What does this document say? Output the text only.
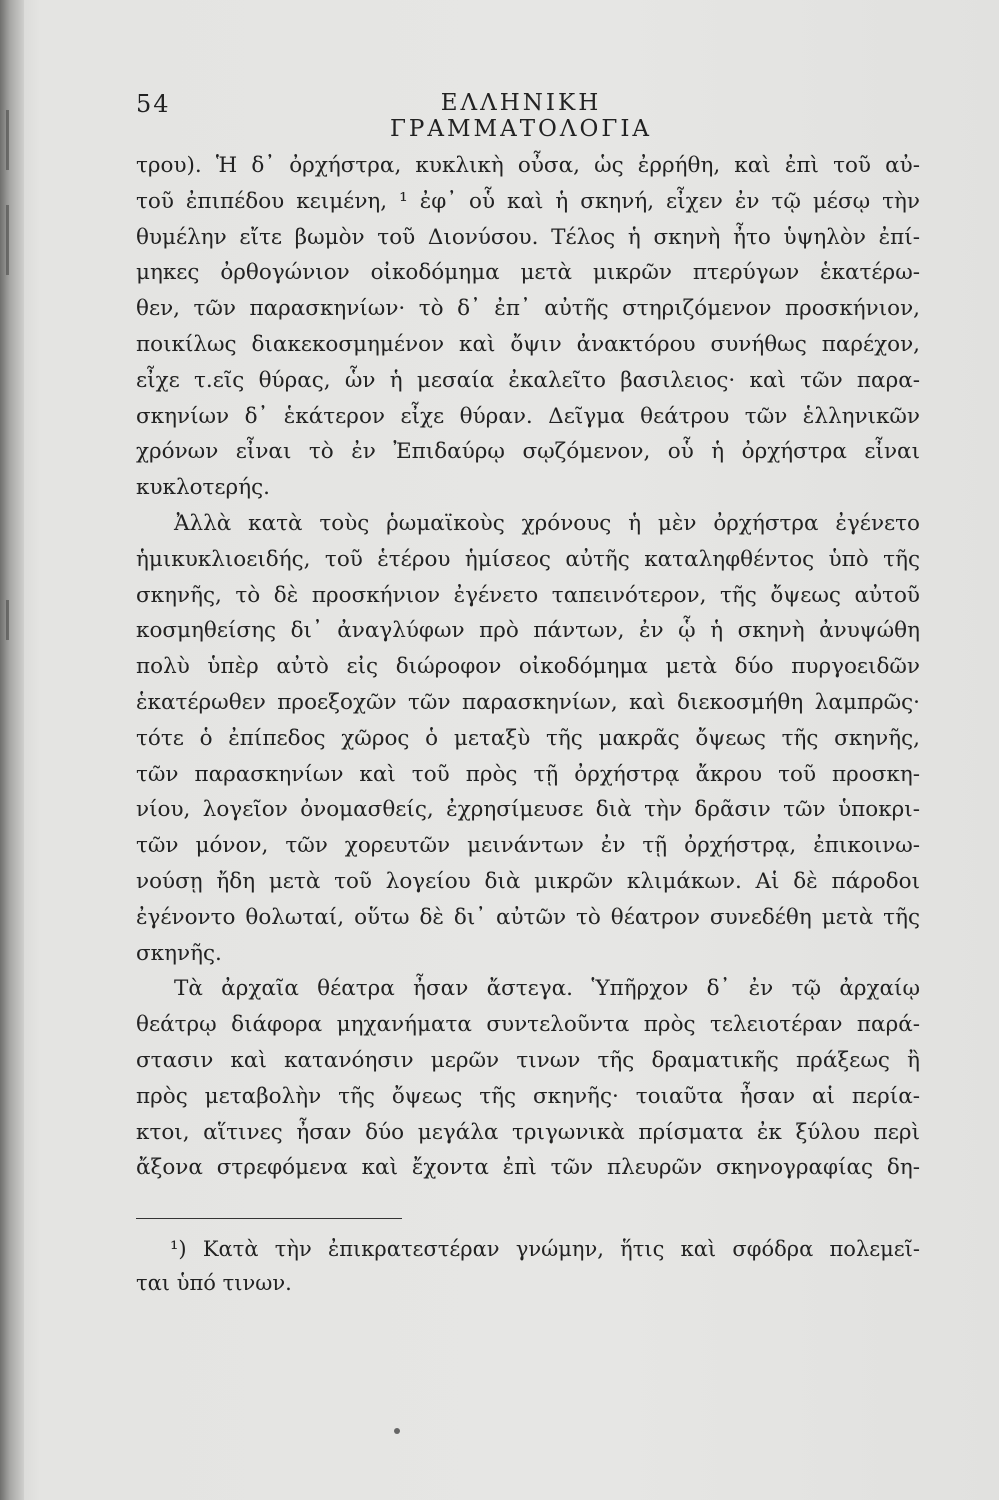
54	ΕΛΛΗΝΙΚΗ ΓΡΑΜΜΑΤΟΛΟΓΙΑ
τρου). Ἡ δ᾽ ὀρχήστρα, κυκλικὴ οὖσα, ὡς ἐρρήθη, καὶ ἐπὶ τοῦ αὐ-
τοῦ ἐπιπέδου κειμένη, ¹ ἐφ᾽ οὗ καὶ ἡ σκηνή, εἶχεν ἐν τῷ μέσῳ τὴν
θυμέλην εἴτε βωμὸν τοῦ Διονύσου. Τέλος ἡ σκηνὴ ἦτο ὑψηλὸν ἐπί-
μηκες ὀρθογώνιον οἰκοδόμημα μετὰ μικρῶν πτερύγων ἑκατέρω-
θεν, τῶν παρασκηνίων· τὸ δ᾽ ἐπ᾽ αὐτῆς στηριζόμενον προσκήνιον,
ποικίλως διακεκοσμημένον καὶ ὄψιν ἀνακτόρου συνήθως παρέχον,
εἶχε τ.εῖς θύρας, ὧν ἡ μεσαία ἐκαλεῖτο βασιλειος· καὶ τῶν παρα-
σκηνίων δ᾽ ἑκάτερον εἶχε θύραν. Δεῖγμα θεάτρου τῶν ἑλληνικῶν
χρόνων εἶναι τὸ ἐν Ἐπιδαύρῳ σῳζόμενον, οὗ ἡ ὀρχήστρα εἶναι
κυκλοτερής.
Ἀλλὰ κατὰ τοὺς ῥωμαϊκοὺς χρόνους ἡ μὲν ὀρχήστρα ἐγένετο
ἡμικυκλιοειδής, τοῦ ἑτέρου ἡμίσεος αὐτῆς καταληφθέντος ὑπὸ τῆς
σκηνῆς, τὸ δὲ προσκήνιον ἐγένετο ταπεινότερον, τῆς ὄψεως αὐτοῦ
κοσμηθείσης δι᾽ ἀναγλύφων πρὸ πάντων, ἐν ᾧ ἡ σκηνὴ ἀνυψώθη
πολὺ ὑπὲρ αὐτὸ εἰς διώροφον οἰκοδόμημα μετὰ δύο πυργοειδῶν
ἑκατέρωθεν προεξοχῶν τῶν παρασκηνίων, καὶ διεκοσμήθη λαμπρῶς·
τότε ὁ ἐπίπεδος χῶρος ὁ μεταξὺ τῆς μακρᾶς ὄψεως τῆς σκηνῆς,
τῶν παρασκηνίων καὶ τοῦ πρὸς τῇ ὀρχήστρᾳ ἄκρου τοῦ προσκη-
νίου, λογεῖον ὀνομασθείς, ἐχρησίμευσε διὰ τὴν δρᾶσιν τῶν ὑποκρι-
τῶν μόνον, τῶν χορευτῶν μεινάντων ἐν τῇ ὀρχήστρᾳ, ἐπικοινω-
νούσῃ ἤδη μετὰ τοῦ λογείου διὰ μικρῶν κλιμάκων. Αἱ δὲ πάροδοι
ἐγένοντο θολωταί, οὕτω δὲ δι᾽ αὐτῶν τὸ θέατρον συνεδέθη μετὰ τῆς
σκηνῆς.
Τὰ ἀρχαῖα θέατρα ἦσαν ἄστεγα. Ὑπῆρχον δ᾽ ἐν τῷ ἀρχαίῳ
θεάτρῳ διάφορα μηχανήματα συντελοῦντα πρὸς τελειοτέραν παρά-
στασιν καὶ κατανόησιν μερῶν τινων τῆς δραματικῆς πράξεως ἢ
πρὸς μεταβολὴν τῆς ὄψεως τῆς σκηνῆς· τοιαῦτα ἦσαν αἱ περία-
κτοι, αἵτινες ἦσαν δύο μεγάλα τριγωνικὰ πρίσματα ἐκ ξύλου περὶ
ἄξονα στρεφόμενα καὶ ἔχοντα ἐπὶ τῶν πλευρῶν σκηνογραφίας δη-
¹) Κατὰ τὴν ἐπικρατεστέραν γνώμην, ἥτις καὶ σφόδρα πολεμεῖ-
ται ὑπό τινων.
